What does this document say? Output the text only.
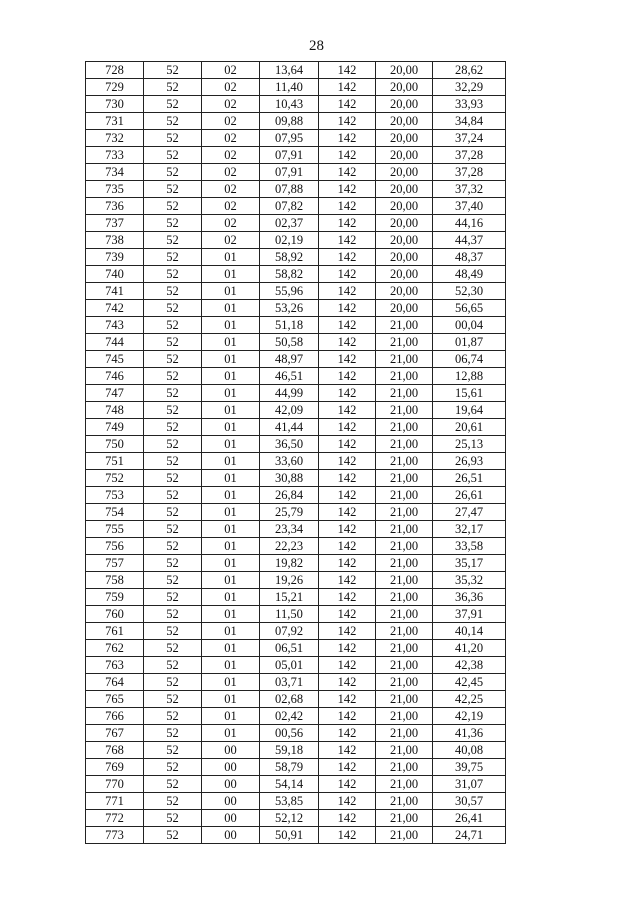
28
728	52	02	13,64	142	20,00	28,62
729	52	02	11,40	142	20,00	32,29
730	52	02	10,43	142	20,00	33,93
731	52	02	09,88	142	20,00	34,84
732	52	02	07,95	142	20,00	37,24
733	52	02	07,91	142	20,00	37,28
734	52	02	07,91	142	20,00	37,28
735	52	02	07,88	142	20,00	37,32
736	52	02	07,82	142	20,00	37,40
737	52	02	02,37	142	20,00	44,16
738	52	02	02,19	142	20,00	44,37
739	52	01	58,92	142	20,00	48,37
740	52	01	58,82	142	20,00	48,49
741	52	01	55,96	142	20,00	52,30
742	52	01	53,26	142	20,00	56,65
743	52	01	51,18	142	21,00	00,04
744	52	01	50,58	142	21,00	01,87
745	52	01	48,97	142	21,00	06,74
746	52	01	46,51	142	21,00	12,88
747	52	01	44,99	142	21,00	15,61
748	52	01	42,09	142	21,00	19,64
749	52	01	41,44	142	21,00	20,61
750	52	01	36,50	142	21,00	25,13
751	52	01	33,60	142	21,00	26,93
752	52	01	30,88	142	21,00	26,51
753	52	01	26,84	142	21,00	26,61
754	52	01	25,79	142	21,00	27,47
755	52	01	23,34	142	21,00	32,17
756	52	01	22,23	142	21,00	33,58
757	52	01	19,82	142	21,00	35,17
758	52	01	19,26	142	21,00	35,32
759	52	01	15,21	142	21,00	36,36
760	52	01	11,50	142	21,00	37,91
761	52	01	07,92	142	21,00	40,14
762	52	01	06,51	142	21,00	41,20
763	52	01	05,01	142	21,00	42,38
764	52	01	03,71	142	21,00	42,45
765	52	01	02,68	142	21,00	42,25
766	52	01	02,42	142	21,00	42,19
767	52	01	00,56	142	21,00	41,36
768	52	00	59,18	142	21,00	40,08
769	52	00	58,79	142	21,00	39,75
770	52	00	54,14	142	21,00	31,07
771	52	00	53,85	142	21,00	30,57
772	52	00	52,12	142	21,00	26,41
773	52	00	50,91	142	21,00	24,71
